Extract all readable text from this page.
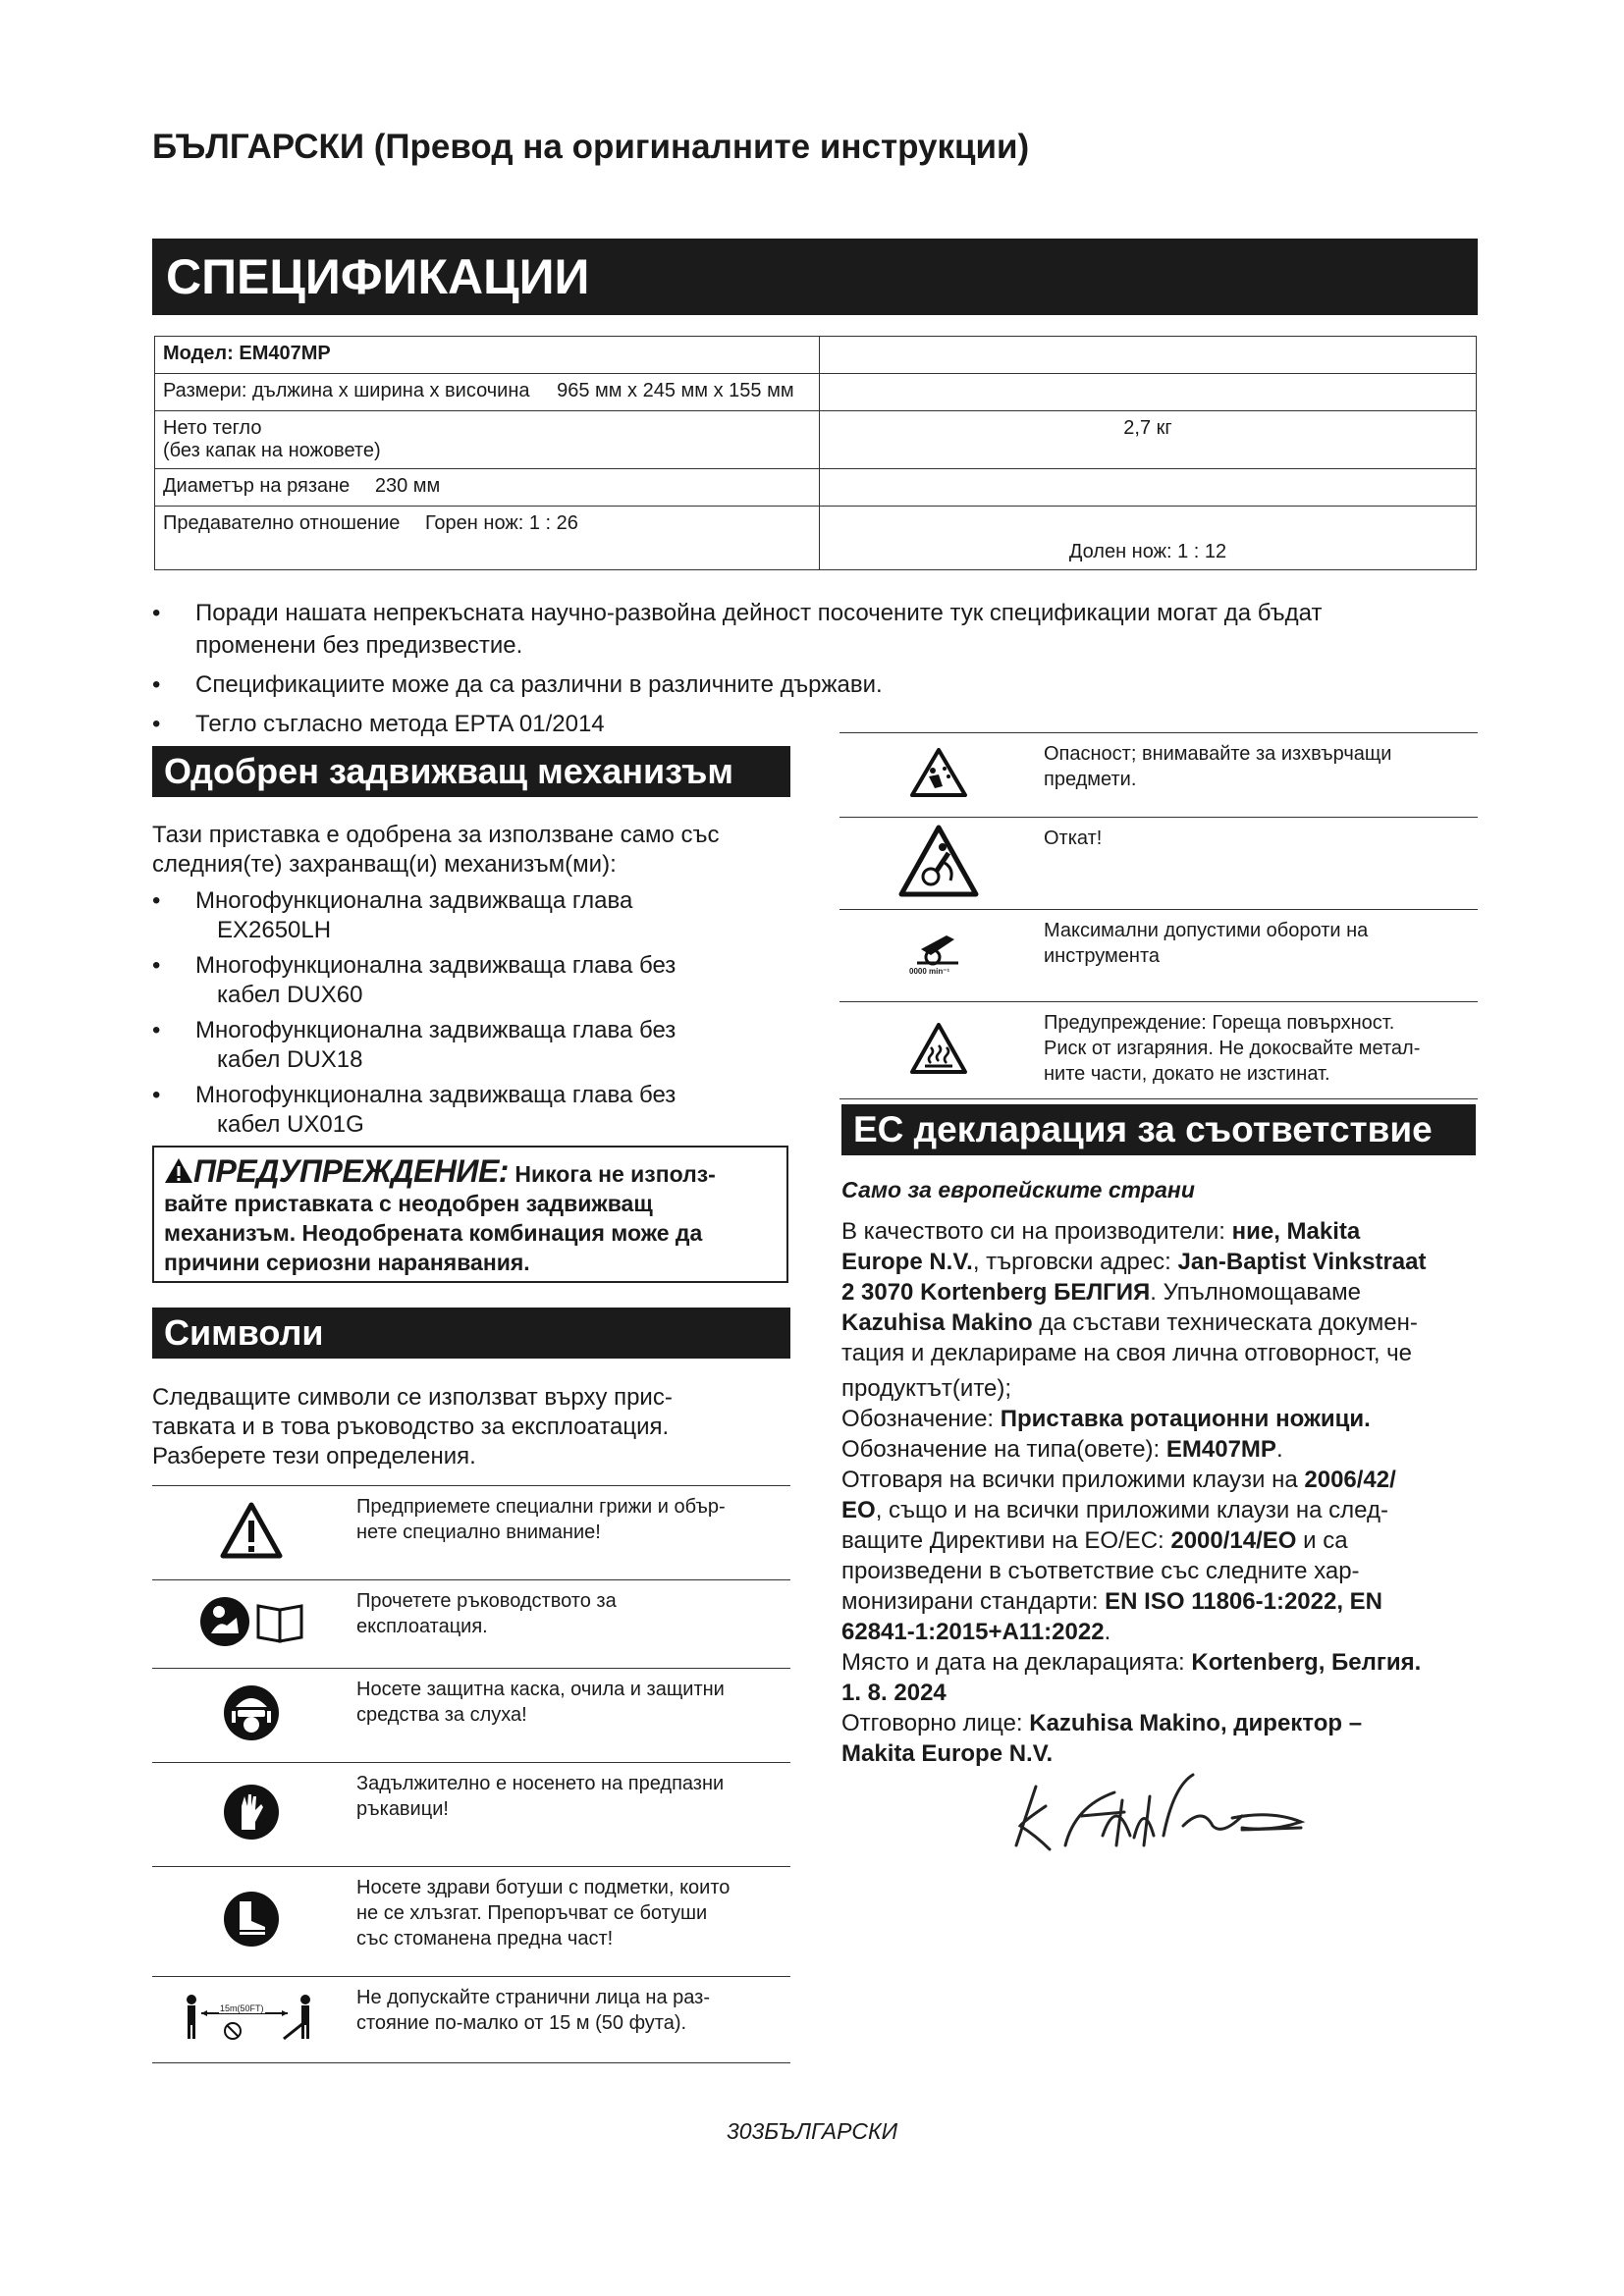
БЪЛГАРСКИ (Превод на оригиналните инструкции)
СПЕЦИФИКАЦИИ
Модел: EM407MP	
Размери: дължина x ширина x височина 965 мм x 245 мм x 155 мм	

Нето тегло
(без капак на ножовете)	2,7 кг
Диаметър на рязане 230 мм	
Предавателно отношение Горен нож: 1 : 26	Долен нож: 1 : 12
• Поради нашата непрекъсната научно-развойна дейност посочените тук спецификации могат да бъдат
променени без предизвестие.
• Спецификациите може да са различни в различните държави.
• Тегло съгласно метода EPTA 01/2014
Одобрен задвижващ механизъм
Тази приставка е одобрена за използване само със
следния(те) захранващ(и) механизъм(ми):
• Многофункционална задвижваща глава
EX2650LH
• Многофункционална задвижваща глава без
кабел DUX60
• Многофункционална задвижваща глава без
кабел DUX18
• Многофункционална задвижваща глава без
кабел UX01G
ПРЕДУПРЕЖДЕНИЕ: Никога не използ-
вайте приставката с неодобрен задвижващ
механизъм. Неодобрената комбинация може да
причини сериозни наранявания.
Символи
Следващите символи се използват върху прис-
тавката и в това ръководство за експлоатация.
Разберете тези определения.

Предприемете специални грижи и обър-
нете специално внимание!

Прочетете ръководството за
експлоатация.

Носете защитна каска, очила и защитни
средства за слуха!

Задължително е носенето на предпазни
ръкавици!

Носете здрави ботуши с подметки, които
не се хлъзгат. Препоръчват се ботуши
със стоманена предна част!

15m(50FT)	Не допускайте странични лица на раз-
стояние по-малко от 15 м (50 фута).

Опасност; внимавайте за изхвърчащи
предмети.

Откат!

0000 min⁻¹	Максимални допустими обороти на
инструмента

Предупреждение: Гореща повърхност.
Риск от изгаряния. Не докосвайте метал-
ните части, докато не изстинат.
ЕС декларация за съответствие
Само за европейските страни
В качеството си на производители: ние, Makita
Europe N.V., търговски адрес: Jan-Baptist Vinkstraat
2 3070 Kortenberg БЕЛГИЯ. Упълномощаваме
Kazuhisa Makino да състави техническата докумен-
тация и декларираме на своя лична отговорност, че
продуктът(ите);
Обозначение: Приставка ротационни ножици.
Обозначение на типа(овете): EM407MP.
Отговаря на всички приложими клаузи на 2006/42/
EO, също и на всички приложими клаузи на след-
ващите Директиви на ЕО/ЕС: 2000/14/EO и са
произведени в съответствие със следните хар-
монизирани стандарти: EN ISO 11806-1:2022, EN
62841-1:2015+A11:2022.
Място и дата на декларацията: Kortenberg, Белгия.
1. 8. 2024
Отговорно лице: Kazuhisa Makino, директор –
Makita Europe N.V.
303БЪЛГАРСКИ
